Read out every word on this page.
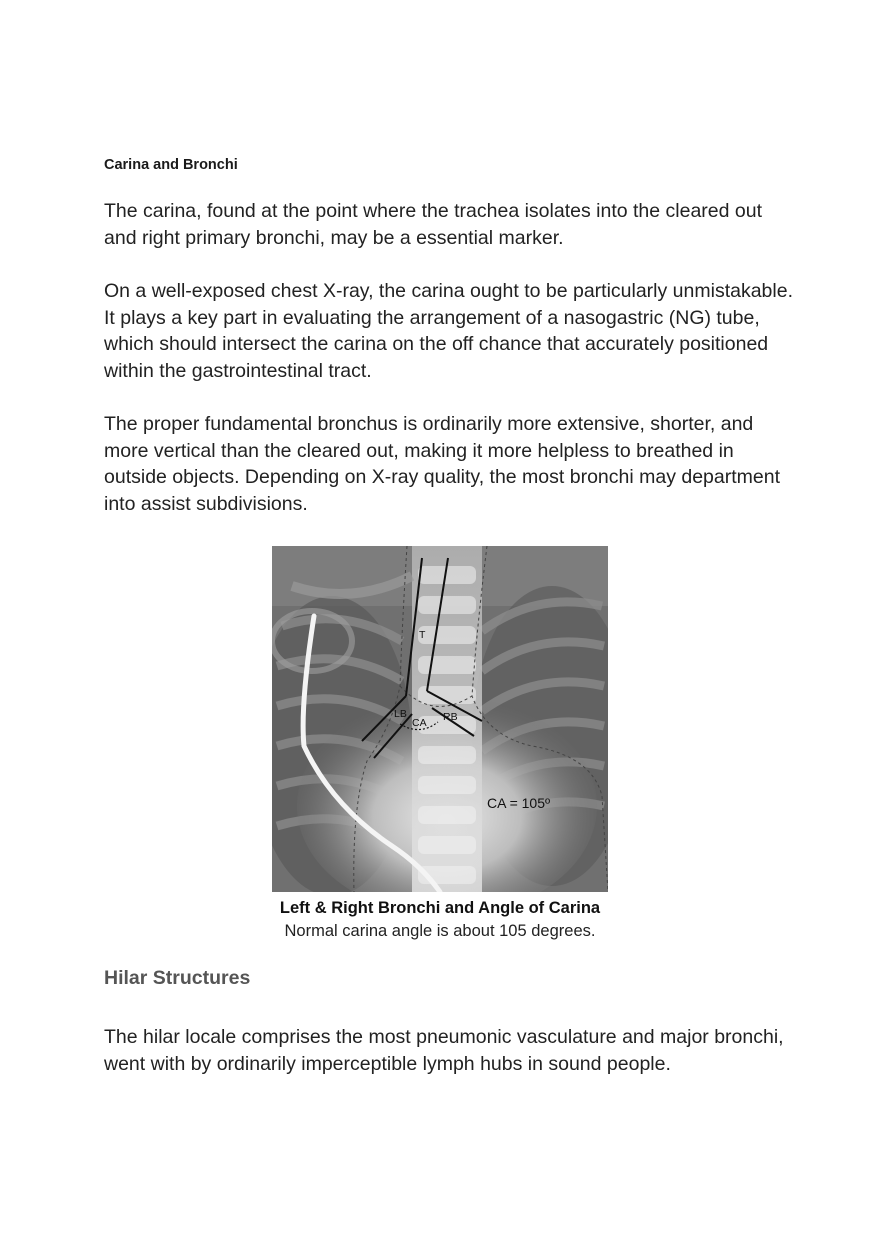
Carina and Bronchi

The carina, found at the point where the trachea isolates into the cleared out and right primary bronchi, may be a essential marker.

On a well-exposed chest X-ray, the carina ought to be particularly unmistakable. It plays a key part in evaluating the arrangement of a nasogastric (NG) tube, which should intersect the carina on the off chance that accurately positioned within the gastrointestinal tract.

The proper fundamental bronchus is ordinarily more extensive, shorter, and more vertical than the cleared out, making it more helpless to breathed in outside objects. Depending on X-ray quality, the most bronchi may department into assist subdivisions.

T
LB	RB
CA
CA = 105º

Left & Right Bronchi and Angle of Carina

Normal carina angle is about 105 degrees.

Hilar Structures

The hilar locale comprises the most pneumonic vasculature and major bronchi, went with by ordinarily imperceptible lymph hubs in sound people.
